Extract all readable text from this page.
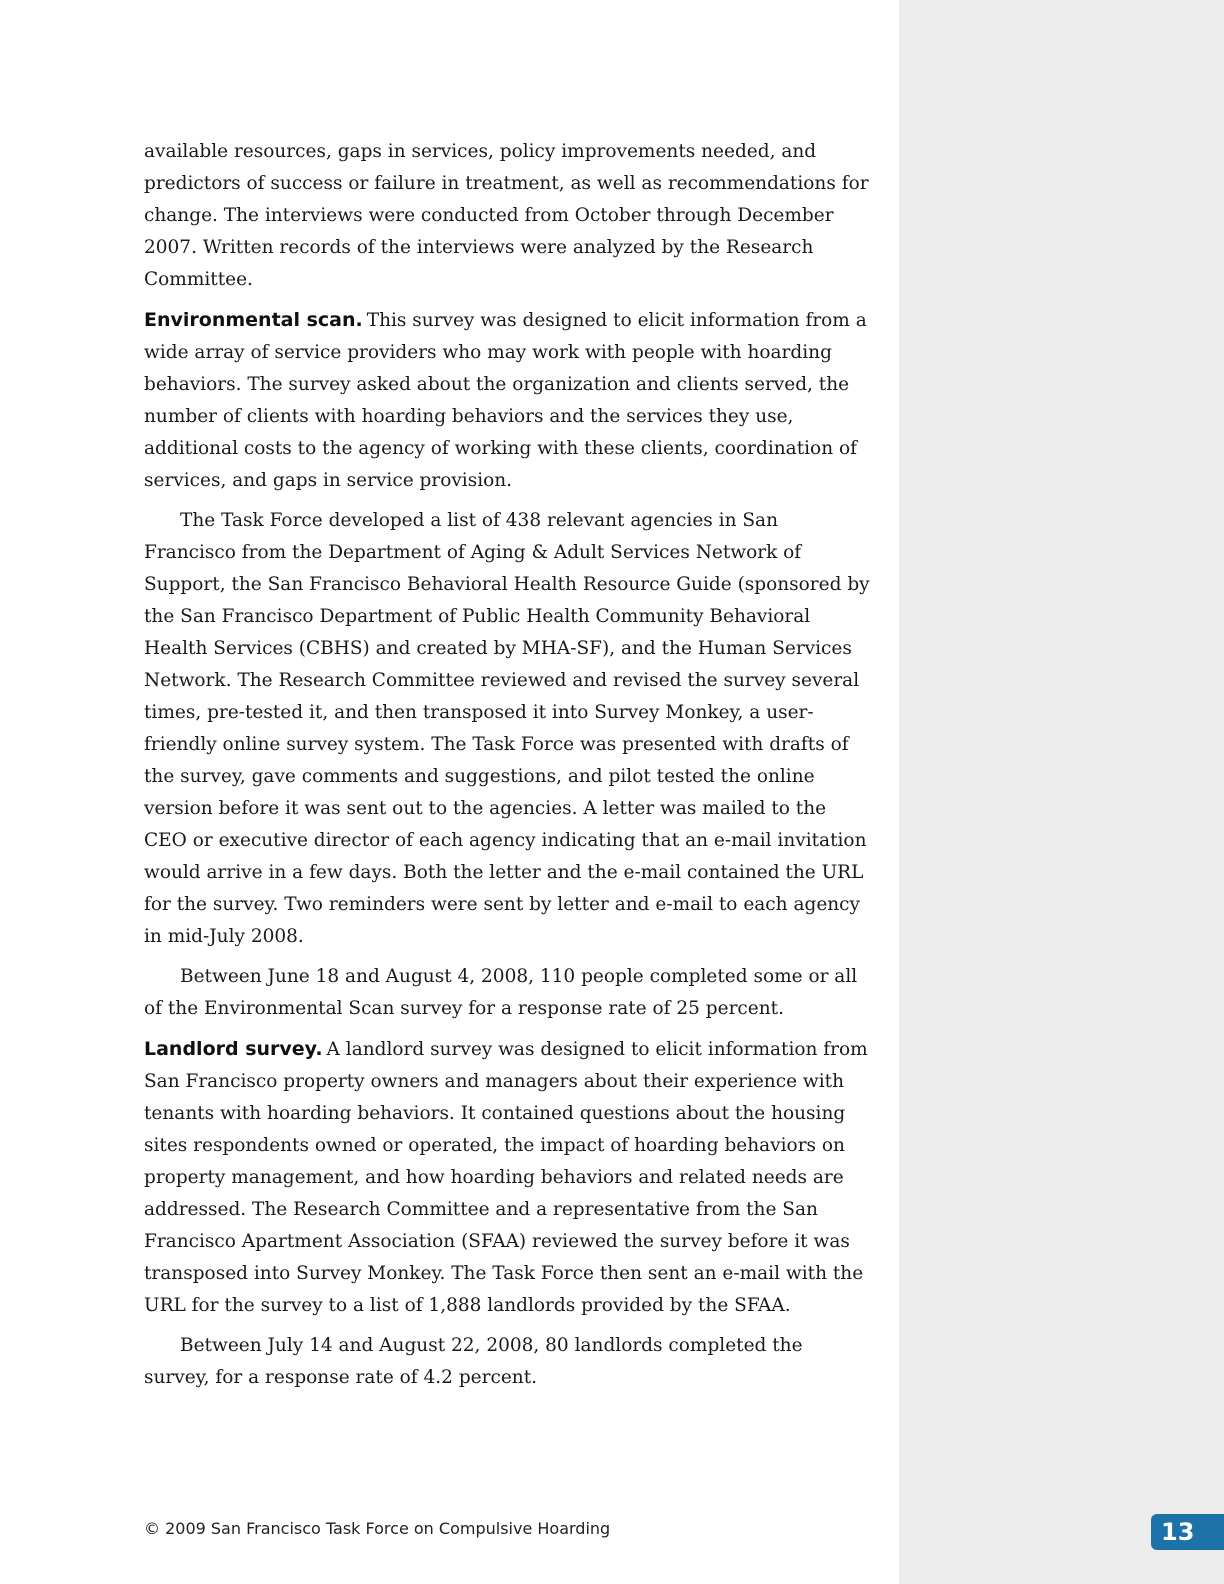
available resources, gaps in services, policy improvements needed, and predictors of success or failure in treatment, as well as recommendations for change. The interviews were conducted from October through December 2007. Written records of the interviews were analyzed by the Research Committee.

Environmental scan. This survey was designed to elicit information from a wide array of service providers who may work with people with hoarding behaviors. The survey asked about the organization and clients served, the number of clients with hoarding behaviors and the services they use, additional costs to the agency of working with these clients, coordination of services, and gaps in service provision.

The Task Force developed a list of 438 relevant agencies in San Francisco from the Department of Aging & Adult Services Network of Support, the San Francisco Behavioral Health Resource Guide (sponsored by the San Francisco Department of Public Health Community Behavioral Health Services (CBHS) and created by MHA-SF), and the Human Services Network. The Research Committee reviewed and revised the survey several times, pre-tested it, and then transposed it into Survey Monkey, a user-friendly online survey system. The Task Force was presented with drafts of the survey, gave comments and suggestions, and pilot tested the online version before it was sent out to the agencies. A letter was mailed to the CEO or executive director of each agency indicating that an e-mail invitation would arrive in a few days. Both the letter and the e-mail contained the URL for the survey. Two reminders were sent by letter and e-mail to each agency in mid-July 2008.

Between June 18 and August 4, 2008, 110 people completed some or all of the Environmental Scan survey for a response rate of 25 percent.

Landlord survey. A landlord survey was designed to elicit information from San Francisco property owners and managers about their experience with tenants with hoarding behaviors. It contained questions about the housing sites respondents owned or operated, the impact of hoarding behaviors on property management, and how hoarding behaviors and related needs are addressed. The Research Committee and a representative from the San Francisco Apartment Association (SFAA) reviewed the survey before it was transposed into Survey Monkey. The Task Force then sent an e-mail with the URL for the survey to a list of 1,888 landlords provided by the SFAA.

Between July 14 and August 22, 2008, 80 landlords completed the survey, for a response rate of 4.2 percent.

© 2009 San Francisco Task Force on Compulsive Hoarding	13
